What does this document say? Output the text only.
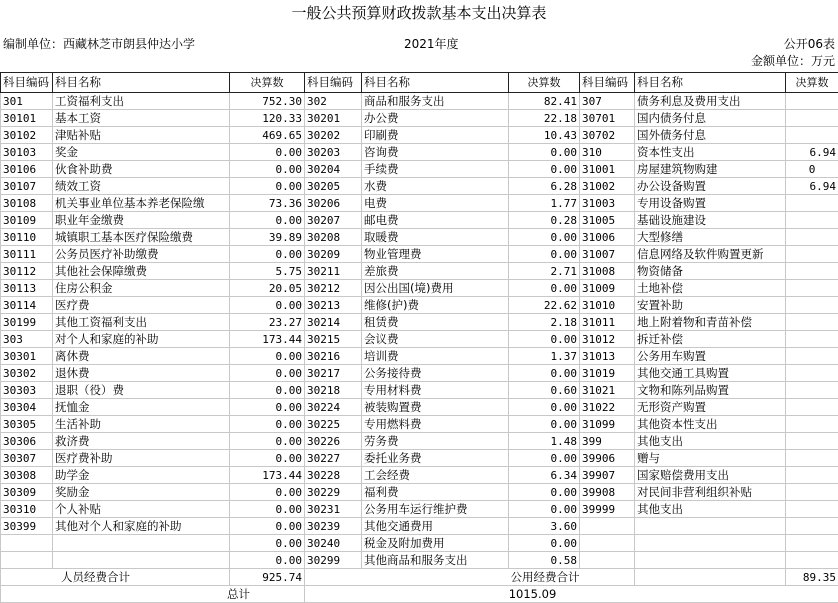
一般公共预算财政拨款基本支出决算表
编制单位：西藏林芝市朗县仲达小学	2021年度	公开06表
金额单位：万元
科目编码	科目名称	决算数	科目编码	科目名称	决算数	科目编码	科目名称	决算数
301	工资福利支出	752.30	302	商品和服务支出	82.41	307	债务利息及费用支出	
30101	基本工资	120.33	30201	办公费	22.18	30701	国内债务付息	
30102	津贴补贴	469.65	30202	印刷费	10.43	30702	国外债务付息	
30103	奖金	0.00	30203	咨询费	0.00	310	资本性支出	6.94
30106	伙食补助费	0.00	30204	手续费	0.00	31001	房屋建筑物购建	0
30107	绩效工资	0.00	30205	水费	6.28	31002	办公设备购置	6.94
30108	机关事业单位基本养老保险缴	73.36	30206	电费	1.77	31003	专用设备购置	
30109	职业年金缴费	0.00	30207	邮电费	0.28	31005	基础设施建设	
30110	城镇职工基本医疗保险缴费	39.89	30208	取暖费	0.00	31006	大型修缮	
30111	公务员医疗补助缴费	0.00	30209	物业管理费	0.00	31007	信息网络及软件购置更新	
30112	其他社会保障缴费	5.75	30211	差旅费	2.71	31008	物资储备	
30113	住房公积金	20.05	30212	因公出国(境)费用	0.00	31009	土地补偿	
30114	医疗费	0.00	30213	维修(护)费	22.62	31010	安置补助	
30199	其他工资福利支出	23.27	30214	租赁费	2.18	31011	地上附着物和青苗补偿	
303	对个人和家庭的补助	173.44	30215	会议费	0.00	31012	拆迁补偿	
30301	离休费	0.00	30216	培训费	1.37	31013	公务用车购置	
30302	退休费	0.00	30217	公务接待费	0.00	31019	其他交通工具购置	
30303	退职（役）费	0.00	30218	专用材料费	0.60	31021	文物和陈列品购置	
30304	抚恤金	0.00	30224	被装购置费	0.00	31022	无形资产购置	
30305	生活补助	0.00	30225	专用燃料费	0.00	31099	其他资本性支出	
30306	救济费	0.00	30226	劳务费	1.48	399	其他支出	
30307	医疗费补助	0.00	30227	委托业务费	0.00	39906	赠与	
30308	助学金	173.44	30228	工会经费	6.34	39907	国家赔偿费用支出	
30309	奖励金	0.00	30229	福利费	0.00	39908	对民间非营利组织补贴	
30310	个人补贴	0.00	30231	公务用车运行维护费	0.00	39999	其他支出	
30399	其他对个人和家庭的补助	0.00	30239	其他交通费用	3.60			
		0.00	30240	税金及附加费用	0.00			
		0.00	30299	其他商品和服务支出	0.58			
人员经费合计		925.74			公用经费合计			89.35
总计			1015.09					
